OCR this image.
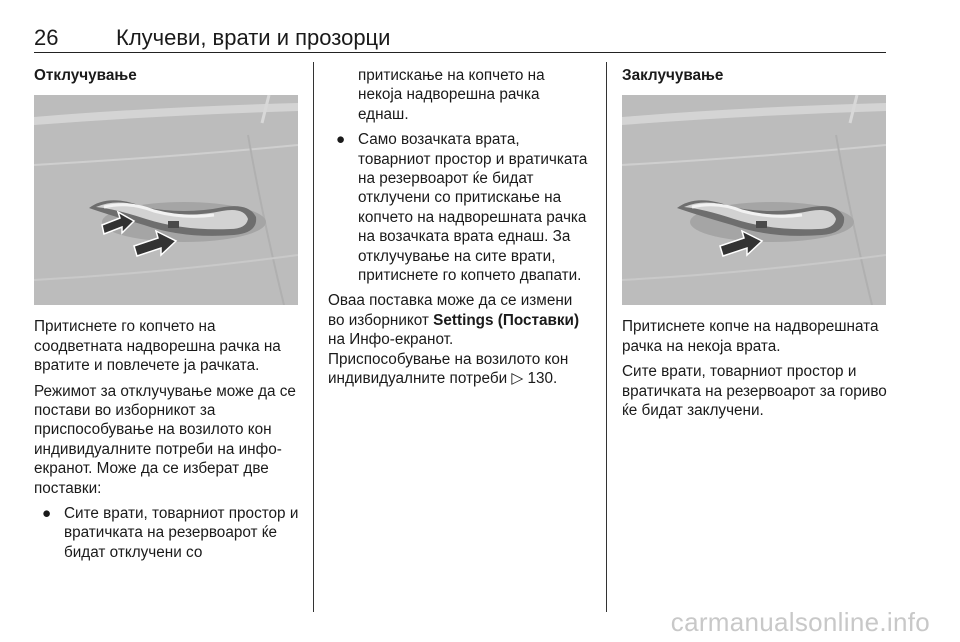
26	Клучеви, врати и прозорци
Отклучување

Притиснете го копчето на соодветната надворешна рачка на вратите и повлечете ја рачката.

Режимот за отклучување може да се постави во изборникот за приспособување на возилото кон индивидуалните потреби на инфо-екранот. Може да се изберат две поставки:

● Сите врати, товарниот простор и вратичката на резервоарот ќе бидат отклучени со

притискање на копчето на некоја надворешна рачка еднаш.

● Само возачката врата, товарниот простор и вратичката на резервоарот ќе бидат отклучени со притискање на копчето на надворешната рачка на возачката врата еднаш. За отклучување на сите врати, притиснете го копчето двапати.

Оваа поставка може да се измени во изборникот Settings (Поставки) на Инфо-екранот.

Приспособување на возилото кон индивидуалните потреби ▷ 130.

Заклучување

Притиснете копче на надворешната рачка на некоја врата.

Сите врати, товарниот простор и вратичката на резервоарот за гориво ќе бидат заклучени.

carmanualsonline.info
